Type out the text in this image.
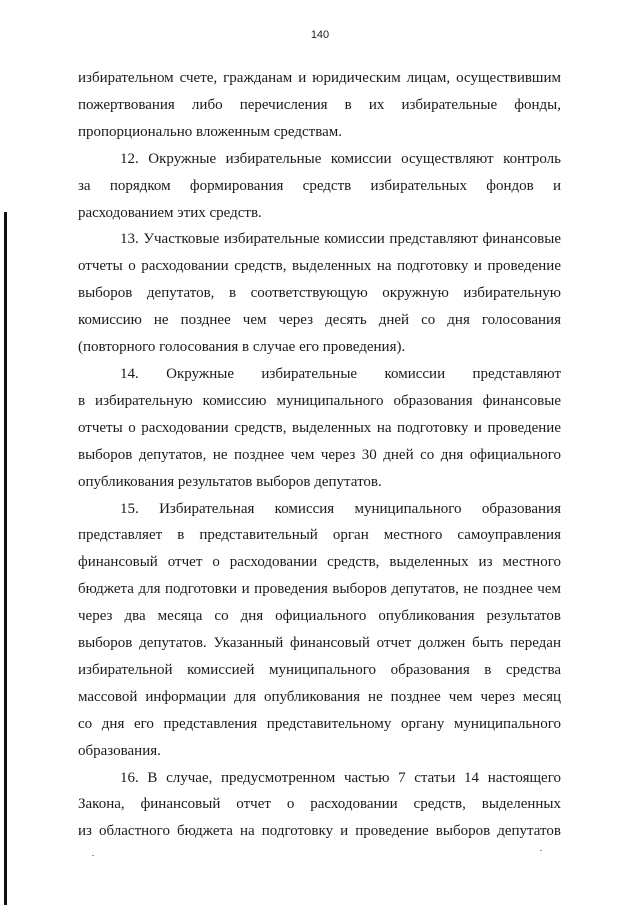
140
избирательном счете, гражданам и юридическим лицам, осуществившим
пожертвования либо перечисления в их избирательные фонды,
пропорционально вложенным средствам.
12. Окружные избирательные комиссии осуществляют контроль
за порядком формирования средств избирательных фондов и
расходованием этих средств.
13. Участковые избирательные комиссии представляют финансовые
отчеты о расходовании средств, выделенных на подготовку и проведение
выборов депутатов, в соответствующую окружную избирательную
комиссию не позднее чем через десять дней со дня голосования
(повторного голосования в случае его проведения).
14. Окружные избирательные комиссии представляют
в избирательную комиссию муниципального образования финансовые
отчеты о расходовании средств, выделенных на подготовку и проведение
выборов депутатов, не позднее чем через 30 дней со дня официального
опубликования результатов выборов депутатов.
15. Избирательная комиссия муниципального образования
представляет в представительный орган местного самоуправления
финансовый отчет о расходовании средств, выделенных из местного
бюджета для подготовки и проведения выборов депутатов, не позднее чем
через два месяца со дня официального опубликования результатов
выборов депутатов. Указанный финансовый отчет должен быть передан
избирательной комиссией муниципального образования в средства
массовой информации для опубликования не позднее чем через месяц
со дня его представления представительному органу муниципального
образования.
16. В случае, предусмотренном частью 7 статьи 14 настоящего
Закона, финансовый отчет о расходовании средств, выделенных
из областного бюджета на подготовку и проведение выборов депутатов
